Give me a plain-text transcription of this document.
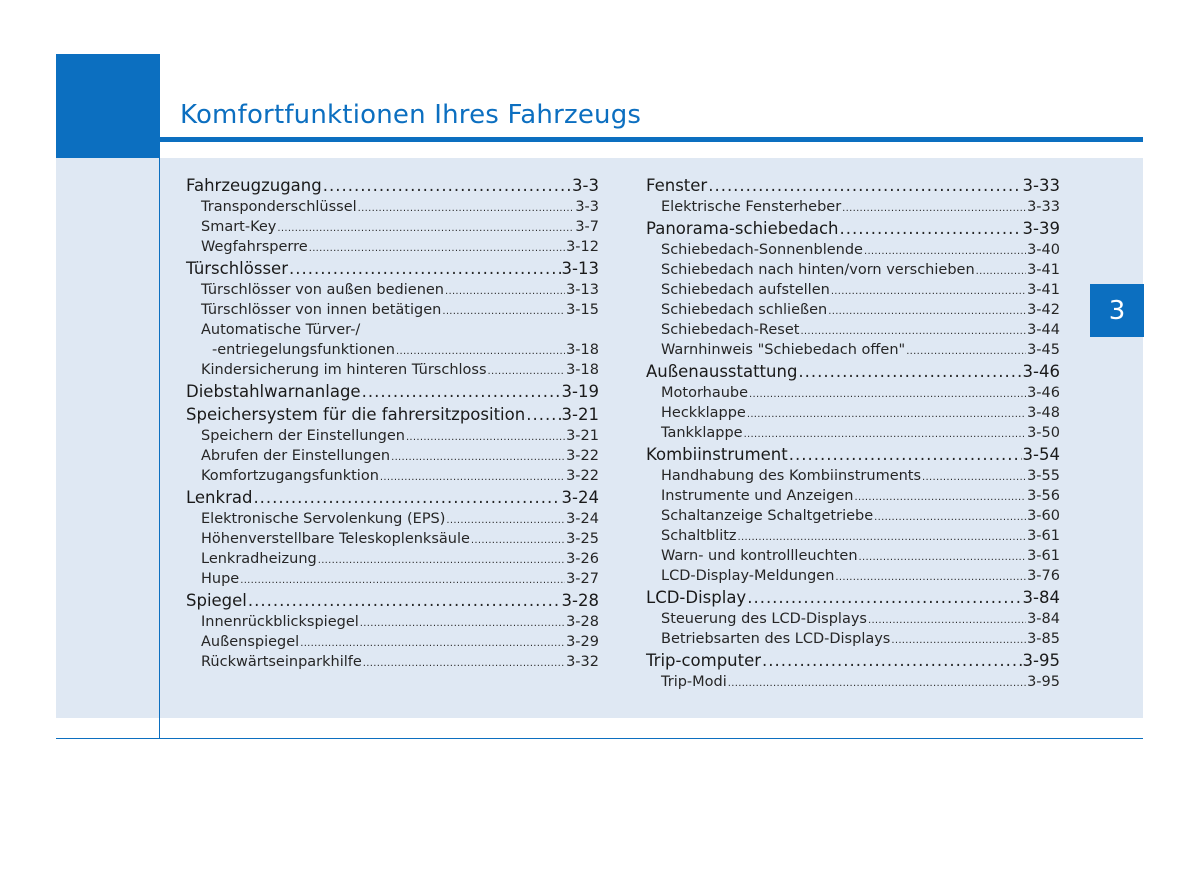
Komfortfunktionen Ihres Fahrzeugs
3
Fahrzeugzugang .....	3-3
Transponderschlüssel .....	3-3
Smart-Key .....	3-7
Wegfahrsperre .....	3-12
Türschlösser .....	3-13
Türschlösser von außen bedienen .....	3-13
Türschlösser von innen betätigen .....	3-15
Automatische Türver-/
-entriegelungsfunktionen .....	3-18
Kindersicherung im hinteren Türschloss .....	3-18
Diebstahlwarnanlage .....	3-19
Speichersystem für die fahrersitzposition ..... 3-21
Speichern der Einstellungen .....	3-21
Abrufen der Einstellungen .....	3-22
Komfortzugangsfunktion .....	3-22
Lenkrad .....	3-24
Elektronische Servolenkung (EPS) .....	3-24
Höhenverstellbare Teleskoplenksäule .....	3-25
Lenkradheizung .....	3-26
Hupe .....	3-27
Spiegel .....	3-28
Innenrückblickspiegel .....	3-28
Außenspiegel .....	3-29
Rückwärtseinparkhilfe .....	3-32
Fenster .....	3-33
Elektrische Fensterheber .....	3-33
Panorama-schiebedach .....	3-39
Schiebedach-Sonnenblende .....	3-40
Schiebedach nach hinten/vorn verschieben .....	3-41
Schiebedach aufstellen .....	3-41
Schiebedach schließen .....	3-42
Schiebedach-Reset .....	3-44
Warnhinweis "Schiebedach offen" .....	3-45
Außenausstattung .....	3-46
Motorhaube .....	3-46
Heckklappe .....	3-48
Tankklappe .....	3-50
Kombiinstrument .....	3-54
Handhabung des Kombiinstruments .....	3-55
Instrumente und Anzeigen .....	3-56
Schaltanzeige Schaltgetriebe .....	3-60
Schaltblitz .....	3-61
Warn- und kontrollleuchten .....	3-61
LCD-Display-Meldungen .....	3-76
LCD-Display .....	3-84
Steuerung des LCD-Displays .....	3-84
Betriebsarten des LCD-Displays .....	3-85
Trip-computer .....	3-95
Trip-Modi .....	3-95
